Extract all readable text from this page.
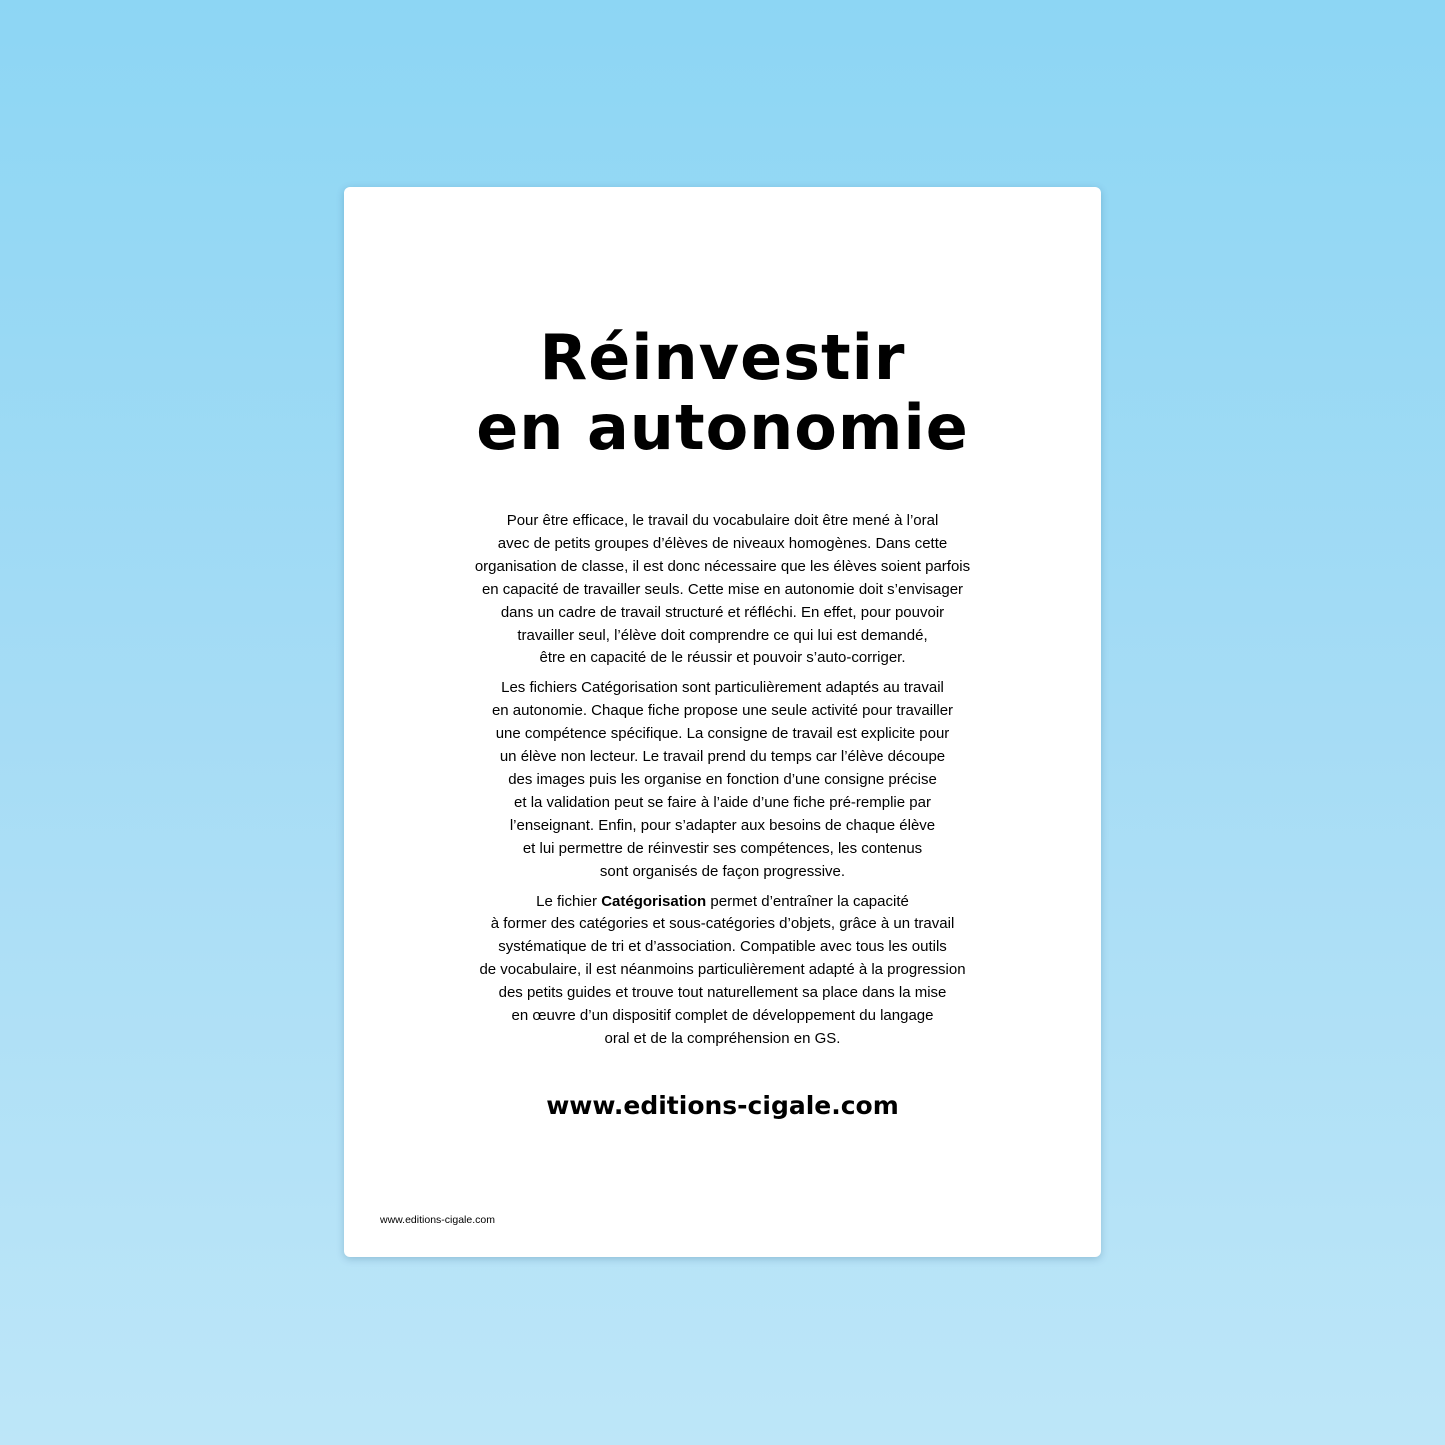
Réinvestir
en autonomie

Pour être efficace, le travail du vocabulaire doit être mené à l’oral
avec de petits groupes d’élèves de niveaux homogènes. Dans cette
organisation de classe, il est donc nécessaire que les élèves soient parfois
en capacité de travailler seuls. Cette mise en autonomie doit s’envisager
dans un cadre de travail structuré et réfléchi. En effet, pour pouvoir
travailler seul, l’élève doit comprendre ce qui lui est demandé,
être en capacité de le réussir et pouvoir s’auto-corriger.

Les fichiers Catégorisation sont particulièrement adaptés au travail
en autonomie. Chaque fiche propose une seule activité pour travailler
une compétence spécifique. La consigne de travail est explicite pour
un élève non lecteur. Le travail prend du temps car l’élève découpe
des images puis les organise en fonction d’une consigne précise
et la validation peut se faire à l’aide d’une fiche pré-remplie par
l’enseignant. Enfin, pour s’adapter aux besoins de chaque élève
et lui permettre de réinvestir ses compétences, les contenus
sont organisés de façon progressive.

Le fichier Catégorisation permet d’entraîner la capacité
à former des catégories et sous-catégories d’objets, grâce à un travail
systématique de tri et d’association. Compatible avec tous les outils
de vocabulaire, il est néanmoins particulièrement adapté à la progression
des petits guides et trouve tout naturellement sa place dans la mise
en œuvre d’un dispositif complet de développement du langage
oral et de la compréhension en GS.

www.editions-cigale.com
www.editions-cigale.com
